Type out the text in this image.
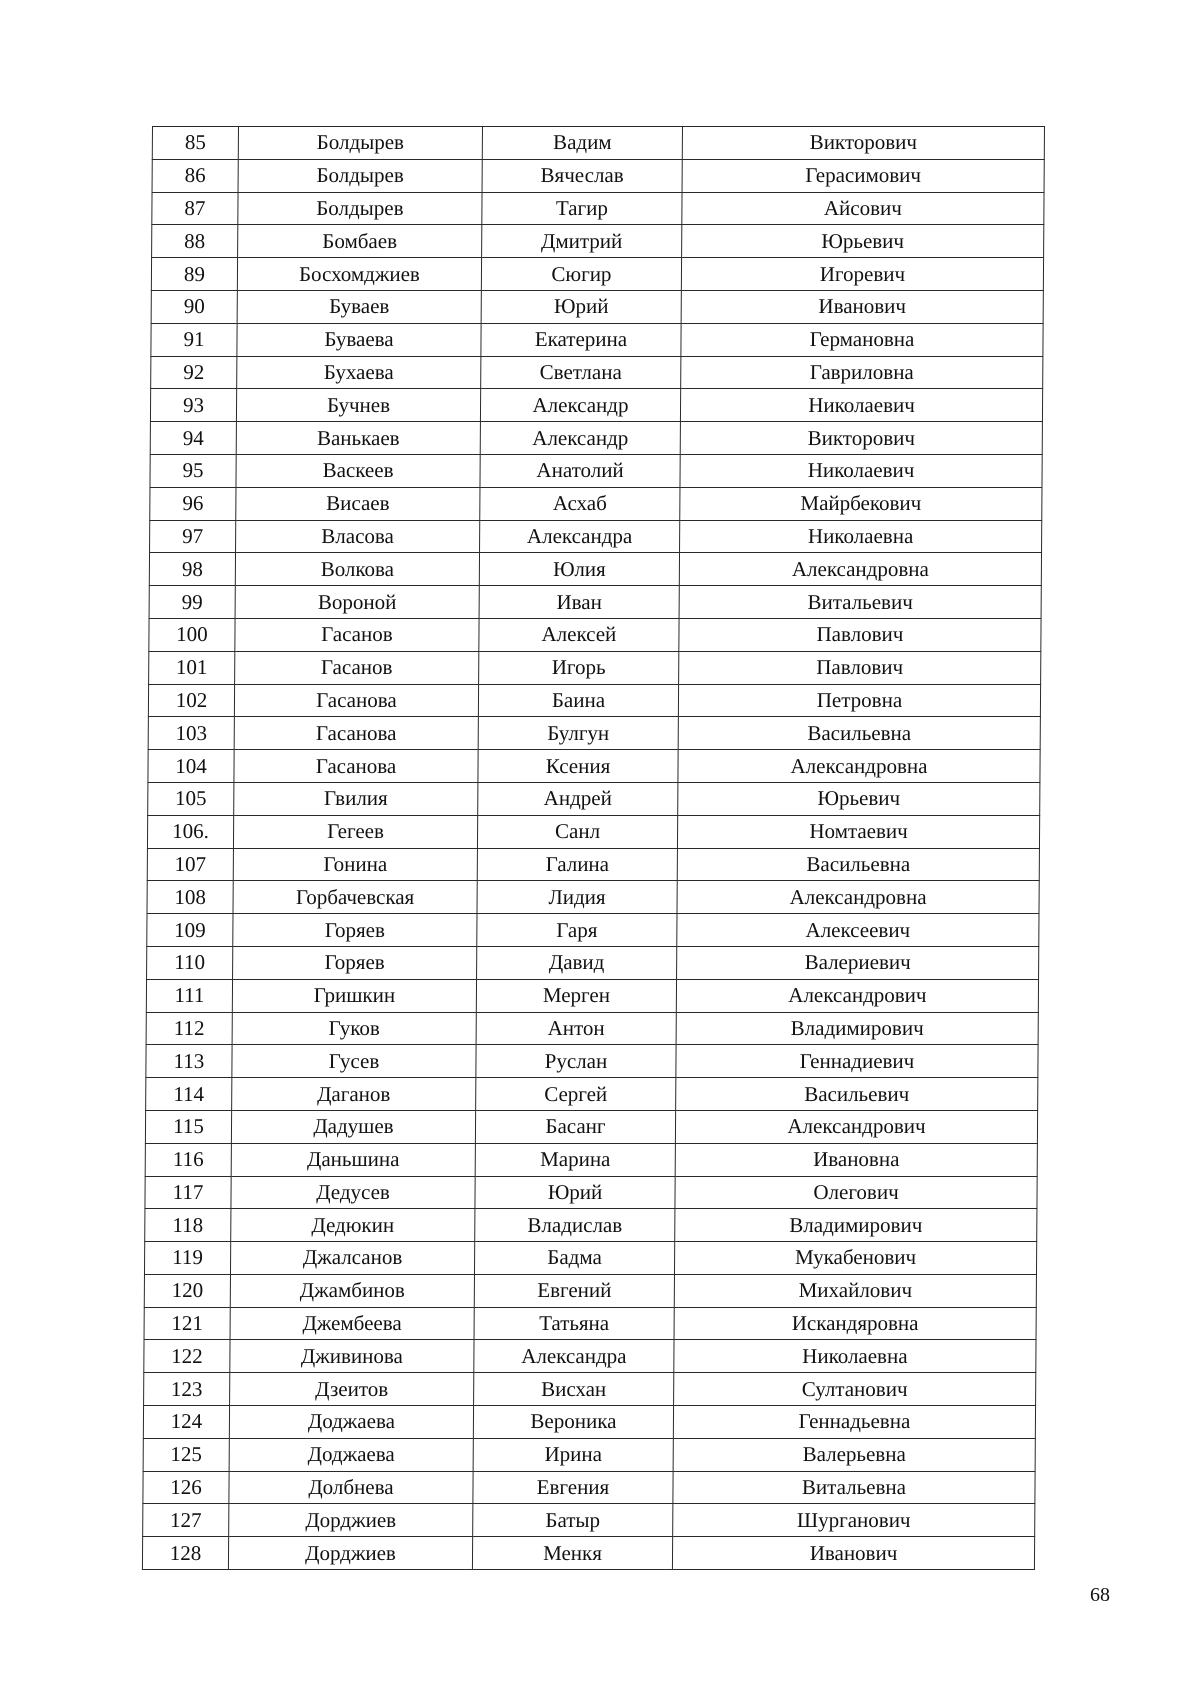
85	Болдырев	Вадим	Викторович
86	Болдырев	Вячеслав	Герасимович
87	Болдырев	Тагир	Айсович
88	Бомбаев	Дмитрий	Юрьевич
89	Босхомджиев	Сюгир	Игоревич
90	Буваев	Юрий	Иванович
91	Буваева	Екатерина	Германовна
92	Бухаева	Светлана	Гавриловна
93	Бучнев	Александр	Николаевич
94	Ванькаев	Александр	Викторович
95	Васкеев	Анатолий	Николаевич
96	Висаев	Асхаб	Майрбекович
97	Власова	Александра	Николаевна
98	Волкова	Юлия	Александровна
99	Вороной	Иван	Витальевич
100	Гасанов	Алексей	Павлович
101	Гасанов	Игорь	Павлович
102	Гасанова	Баина	Петровна
103	Гасанова	Булгун	Васильевна
104	Гасанова	Ксения	Александровна
105	Гвилия	Андрей	Юрьевич
106.	Гегеев	Санл	Номтаевич
107	Гонина	Галина	Васильевна
108	Горбачевская	Лидия	Александровна
109	Горяев	Гаря	Алексеевич
110	Горяев	Давид	Валериевич
111	Гришкин	Мерген	Александрович
112	Гуков	Антон	Владимирович
113	Гусев	Руслан	Геннадиевич
114	Даганов	Сергей	Васильевич
115	Дадушев	Басанг	Александрович
116	Даньшина	Марина	Ивановна
117	Дедусев	Юрий	Олегович
118	Дедюкин	Владислав	Владимирович
119	Джалсанов	Бадма	Мукабенович
120	Джамбинов	Евгений	Михайлович
121	Джембеева	Татьяна	Искандяровна
122	Дживинова	Александра	Николаевна
123	Дзеитов	Висхан	Султанович
124	Доджаева	Вероника	Геннадьевна
125	Доджаева	Ирина	Валерьевна
126	Долбнева	Евгения	Витальевна
127	Дорджиев	Батыр	Шурганович
128	Дорджиев	Менкя	Иванович
68
